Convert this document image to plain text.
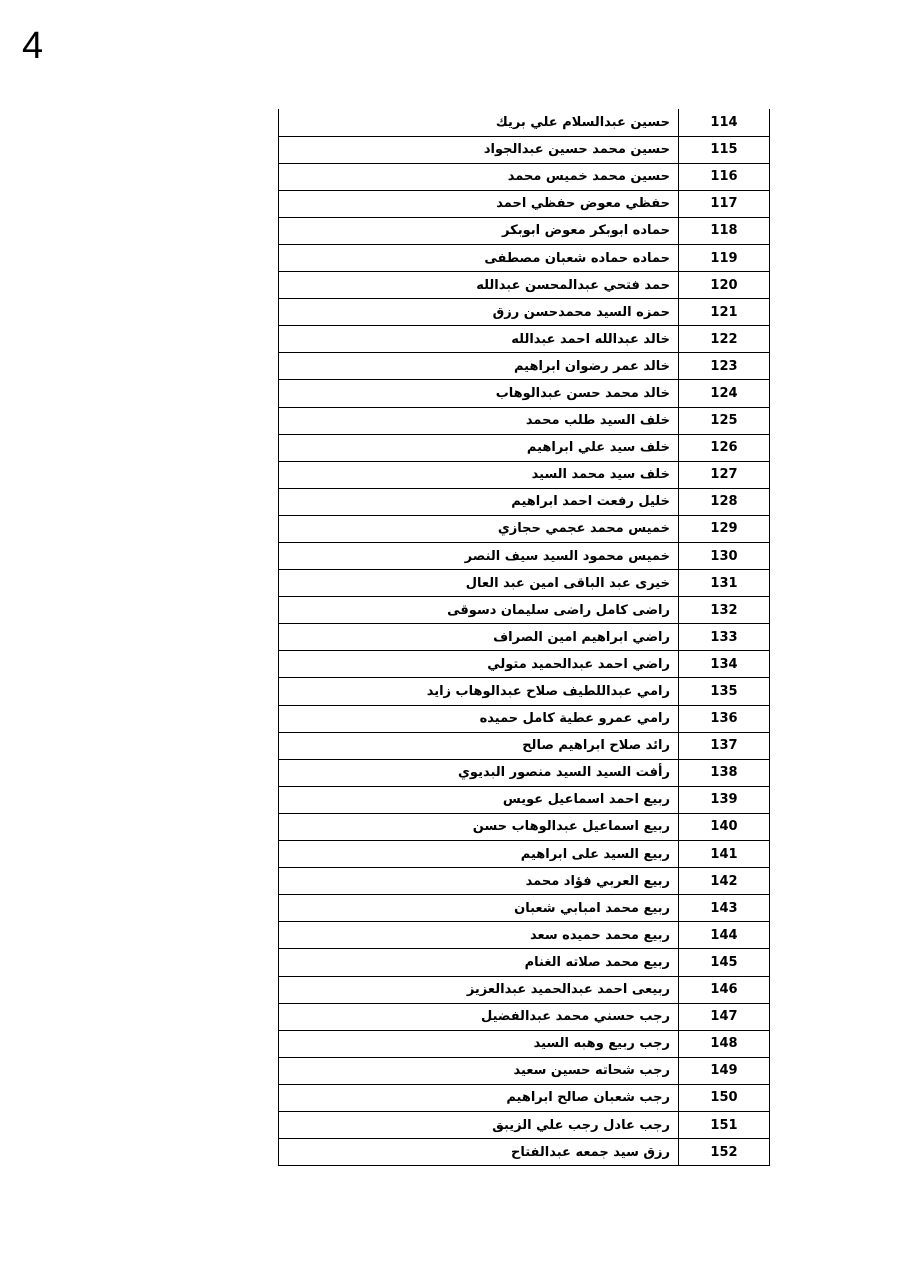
4
114	حسين عبدالسلام علي بريك
115	حسين محمد حسين عبدالجواد
116	حسين محمد خميس محمد
117	حفظي معوض حفظي احمد
118	حماده ابوبكر معوض ابوبكر
119	حماده حماده شعبان مصطفى
120	حمد فتحي عبدالمحسن عبدالله
121	حمزه السيد محمدحسن رزق
122	خالد عبدالله احمد عبدالله
123	خالد عمر رضوان ابراهيم
124	خالد محمد حسن عبدالوهاب
125	خلف السيد طلب محمد
126	خلف سيد علي ابراهيم
127	خلف سيد محمد السيد
128	خليل رفعت احمد ابراهيم
129	خميس محمد عجمي حجازي
130	خميس محمود السيد سيف النصر
131	خيرى عبد الباقى امين عبد العال
132	راضى كامل راضى سليمان دسوقى
133	راضي ابراهيم امين الصراف
134	راضي احمد عبدالحميد متولي
135	رامي عبداللطيف صلاح عبدالوهاب زايد
136	رامي عمرو عطية كامل حميده
137	رائد صلاح ابراهيم صالح
138	رأفت السيد السيد منصور البديوي
139	ربيع احمد اسماعيل عويس
140	ربيع اسماعيل عبدالوهاب حسن
141	ربيع السيد على ابراهيم
142	ربيع العربي فؤاد محمد
143	ربيع محمد امبابي شعبان
144	ربيع محمد حميده سعد
145	ربيع محمد صلاته الغنام
146	ربيعى احمد عبدالحميد عبدالعزيز
147	رجب حسني محمد عبدالفضيل
148	رجب ربيع وهبه السيد
149	رجب شحاته حسين سعيد
150	رجب شعبان صالح ابراهيم
151	رجب عادل رجب علي الزيبق
152	رزق سيد جمعه عبدالفتاح
